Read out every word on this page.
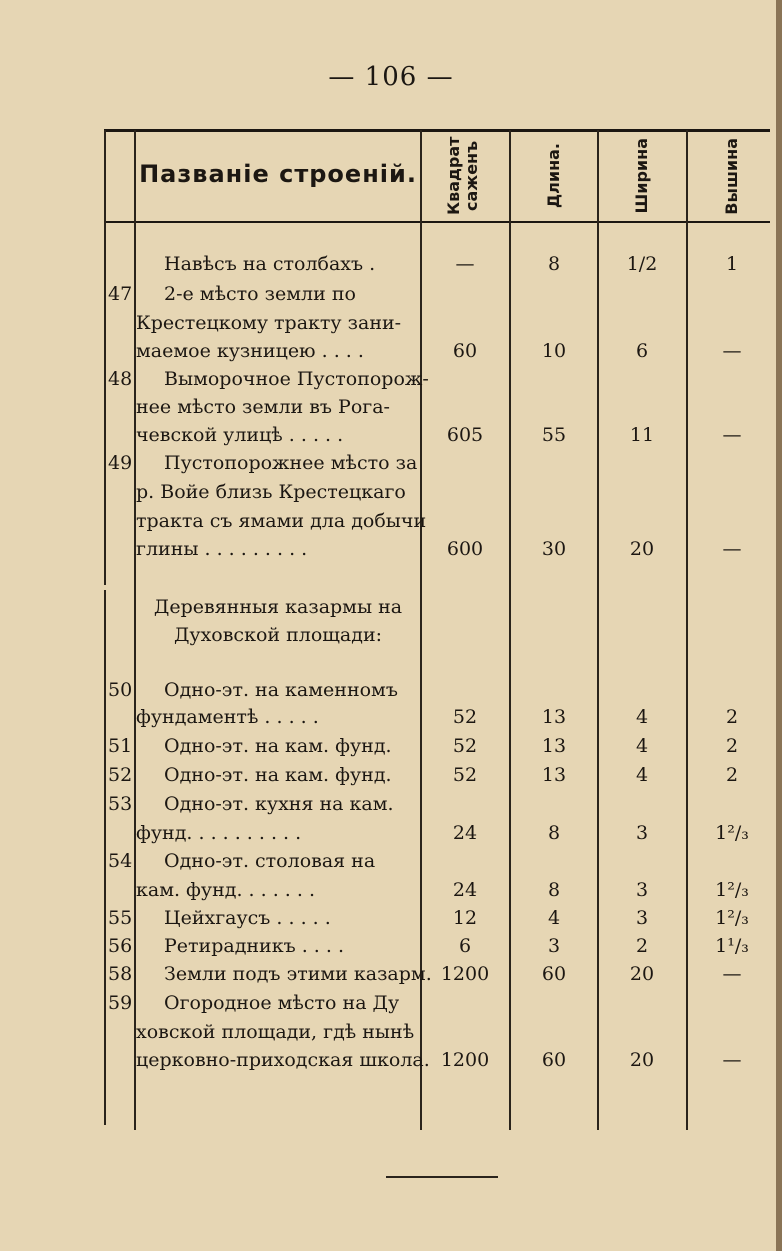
— 106 —
Пазваніе строеній. Квадрат саженъ	Длина.	Ширина	Вышина
Навѣсъ на столбахъ .	—	8	1/2	1
47 2-е мѣсто земли по
Крестецкому тракту зани-
маемое кузницею . . . .	60	10	6	—
48 Выморочное Пустопорож-
нее мѣсто земли въ Рога-
чевской улицѣ . . . . .	605	55	11	—
49 Пустопорожнее мѣсто за
р. Войе близь Крестецкаго
тракта съ ямами дла добычи
глины . . . . . . . . .	600	30	20	—
Деревянныя казармы на
Духовской площади:
50 Одно-эт. на каменномъ
фундаментѣ . . . . .	52	13	4	2
51 Одно-эт. на кам. фунд.	52	13	4	2
52 Одно-эт. на кам. фунд.	52	13	4	2
53 Одно-эт. кухня на кам.
фунд. . . . . . . . . .	24	8	3	1²/₃
54 Одно-эт. столовая на
кам. фунд. . . . . . .	24	8	3	1²/₃
55 Цейхгаусъ . . . . .	12	4	3	1²/₃
56 Ретирадникъ . . . .	6	3	2	1¹/₃
58 Земли подъ этими казарм. 1200	60	20	—
59 Огородное мѣсто на Ду
ховской площади, гдѣ нынѣ
церковно-приходская школа. 1200	60	20	—
